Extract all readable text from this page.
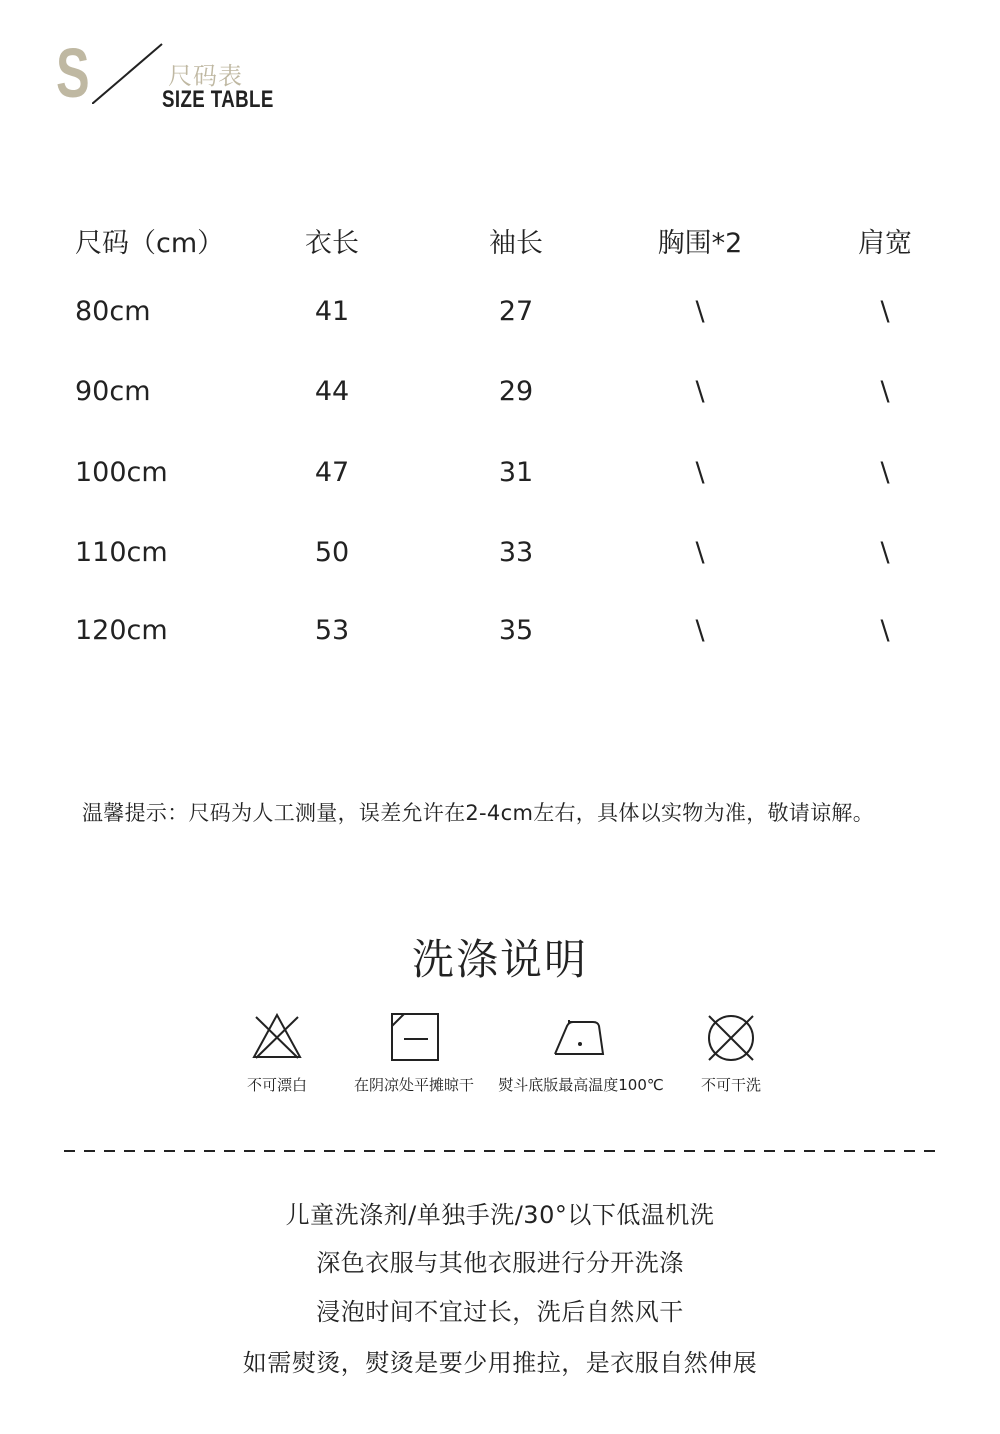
S	尺码表
SIZE TABLE
尺码（cm）	衣长	袖长	胸围*2	肩宽
80cm	41	27	\	\
90cm	44	29	\	\
100cm	47	31	\	\
110cm	50	33	\	\
120cm	53	35	\	\
温馨提示：尺码为人工测量，误差允许在2-4cm左右，具体以实物为准，敬请谅解。
洗涤说明
不可漂白	在阴凉处平摊晾干 熨斗底版最高温度100℃ 不可干洗
儿童洗涤剂/单独手洗/30°以下低温机洗
深色衣服与其他衣服进行分开洗涤
浸泡时间不宜过长，洗后自然风干
如需熨烫，熨烫是要少用推拉，是衣服自然伸展
